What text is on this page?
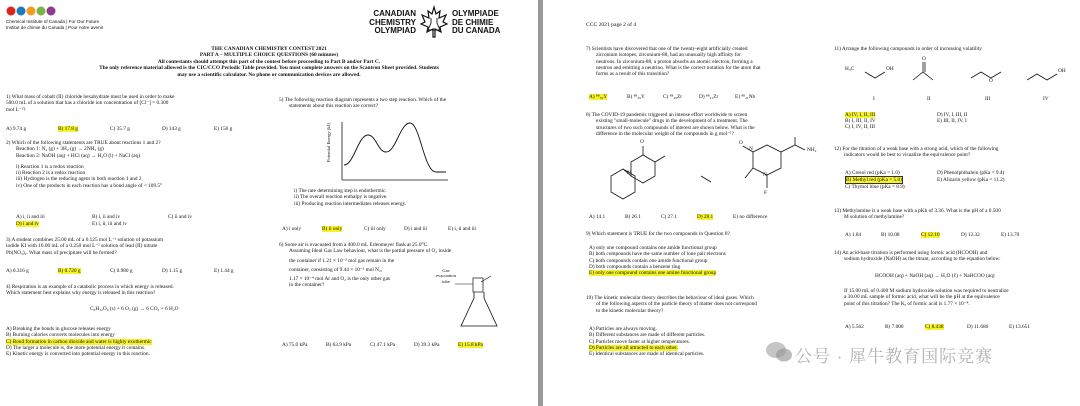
Chemical Institute of Canada | For Our Future
Institut de chimie du Canada | Pour notre avenir
CANADIAN
CHEMISTRY
OLYMPIAD
OLYMPIADE
DE CHIMIE
DU CANADA
THE CANADIAN CHEMISTRY CONTEST 2021
PART A – MULTIPLE CHOICE QUESTIONS (60 minutes)
All contestants should attempt this part of the contest before proceeding to Part B and/or Part C.
The only reference material allowed is the CIC/CCO Periodic Table provided. You must complete answers on the Scantron Sheet provided. Students
may use a scientific calculator. No phone or communication devices are allowed.
1) What mass of cobalt (II) chloride hexahydrate must be used in order to make
500.0 mL of a solution that has a chloride ion concentration of [Cl⁻] = 0.300
mol L⁻¹?
A) 9.74 g	B) 17.8 g	C) 35.7 g	D) 143 g	E) 150 g
2) Which of the following statements are TRUE about reactions 1 and 2?
Reaction 1: N₂ (g) + 3H₂ (g) → 2NH₃ (g)
Reaction 2: NaOH (aq) + HCl (aq) → H₂O (l) + NaCl (aq)
i) Reaction 1 is a redox reaction
ii) Reaction 2 is a redox reaction
iii) Hydrogen is the reducing agent in both reaction 1 and 2
iv) One of the products in each reaction has a bond angle of < 109.5°
A) i, ii and iii	B) i, ii and iv	C) ii and iv
D) i and iv	E) i, ii, iii and iv
3) A student combines 25.00 mL of a 0.125 mol L⁻¹ solution of potassium
iodide KI with 10.00 mL of a 0.250 mol L⁻¹ solution of lead (II) nitrate
Pb(NO₃)₂. What mass of precipitate will be formed?
A) 0.316 g	B) 0.720 g	C) 0.980 g	D) 1.15 g	E) 1.44 g
4) Respiration is an example of a catabolic process in which energy is released.
Which statement best explains why energy is released in this reaction?
C₆H₁₂O₆ (s) + 6 O₂ (g) → 6 CO₂ + 6 H₂O
A) Breaking the bonds in glucose releases energy
B) Burning calories converts molecules into energy
C) Bond formation in carbon dioxide and water is highly exothermic
D) The larger a molecule is, the more potential energy it contains.
E) Kinetic energy is converted into potential energy in this reaction.
5) The following reaction diagram represents a two step reaction. Which of the
statements about this reaction are correct?
Potential Energy (kJ)
i) The rate determining step is endothermic.
ii) The overall reaction enthalpy is negative.
iii) Producing reaction intermediates releases energy.
A) i only	B) ii only	C) iii only	D) i and iii	E) i, ii and iii
6) Some air is evacuated from a 400.0 mL Erlenmeyer flask at 25.0°C.
Assuming Ideal Gas Law behaviour, what is the partial pressure of O₂ inside
the container if 1.21 × 10⁻² mol gas remain in the
container, consisting of 9.44 × 10⁻³ mol N₂,
1.17 × 10⁻⁴ mol Ar and O₂ is the only other gas
in the container?
Gas
evacuation
tube
A) 75.0 kPa	B) 63.9 kPa	C) 47.1 kPa	D) 39.3 kPa	E) 15.8 kPa
CCC 2021 page 2 of 4
7) Scientists have discovered that one of the twenty-eight artificially created
zirconium isotopes, zirconium-88, had an unusually high affinity for
neutrons. In zirconium-88, a proton absorbs an atomic electron, forming a
neutron and emitting a neutrino. What is the correct notation for the atom that
forms as a result of this transition?
A) ⁸⁸₃₉Y	B) ⁸⁸₃₉Y	C) ⁸⁸₄₀Zr	D) ⁸⁸₄₁Zr	E) ⁸⁸₄₁Nb
8) The COVID-19 pandemic triggered an intense effort worldwide to screen
existing "small-molecule" drugs in the development of a treatment. The
structures of two such compounds of interest are shown below. What is the
difference in the molecular weight of the compounds in g mol⁻¹?
O
N
N
N
O
NH₂
F
A) 14.1	B) 26.1	C) 27.1	D) 28.1	E) no difference
9) Which statement is TRUE for the two compounds in Question 8?
A) only one compound contains one amide functional group
B) both compounds have the same number of lone pair electrons
C) both compounds contain one amide functional group
D) both compounds contain a benzene ring
E) only one compound contains one amine functional group
10) The kinetic molecular theory describes the behaviour of ideal gases. Which
of the following aspects of the particle theory of matter does not correspond
to the kinetic molecular theory?
A) Particles are always moving.
B) Different substances are made of different particles.
C) Particles move faster at higher temperatures.
D) Particles are all attracted to each other.
E) Identical substances are made of identical particles.
11) Arrange the following compounds in order of increasing volatility
H₃C	OH
O
O
OH
I	II	III	IV
A) IV, I, II, III
B) I, III, II, IV
C) I, IV, II, III
D) IV, I, III, II
E) III, II, IV, I
12) For the titration of a weak base with a strong acid, which of the following
indicators would be best to visualize the equivalence point?
A) Cresol red (pKa = 1.0)
B) Methyl red (pKa = 5.0)
C) Thymol blue (pKa = 8.9)
D) Phenolphthalein (pKa = 9.4)
E) Alizarin yellow (pKa = 11.2)
13) Methylamine is a weak base with a pKb of 3.36. What is the pH of a 0.500
M solution of methylamine?
A) 1.84	B) 10.08	C) 12.16	D) 12.32	E) 13.70
14) An acid-base titration is performed using formic acid (HCOOH) and
sodium hydroxide (NaOH) as the titrant, according to the equation below:
HCOOH (aq) + NaOH (aq) → H₂O (ℓ) + NaHCOO (aq)
If 15.00 mL of 0.400 M sodium hydroxide solution was required to neutralize
a 30.00 mL sample of formic acid, what will be the pH at the equivalence
point of this titration? The Kₐ of formic acid is 1.77 × 10⁻⁴.
A) 5.562	B) 7.000	C) 8.438	D) 11.686	E) 13.651
公号 · 犀牛教育国际竞赛
